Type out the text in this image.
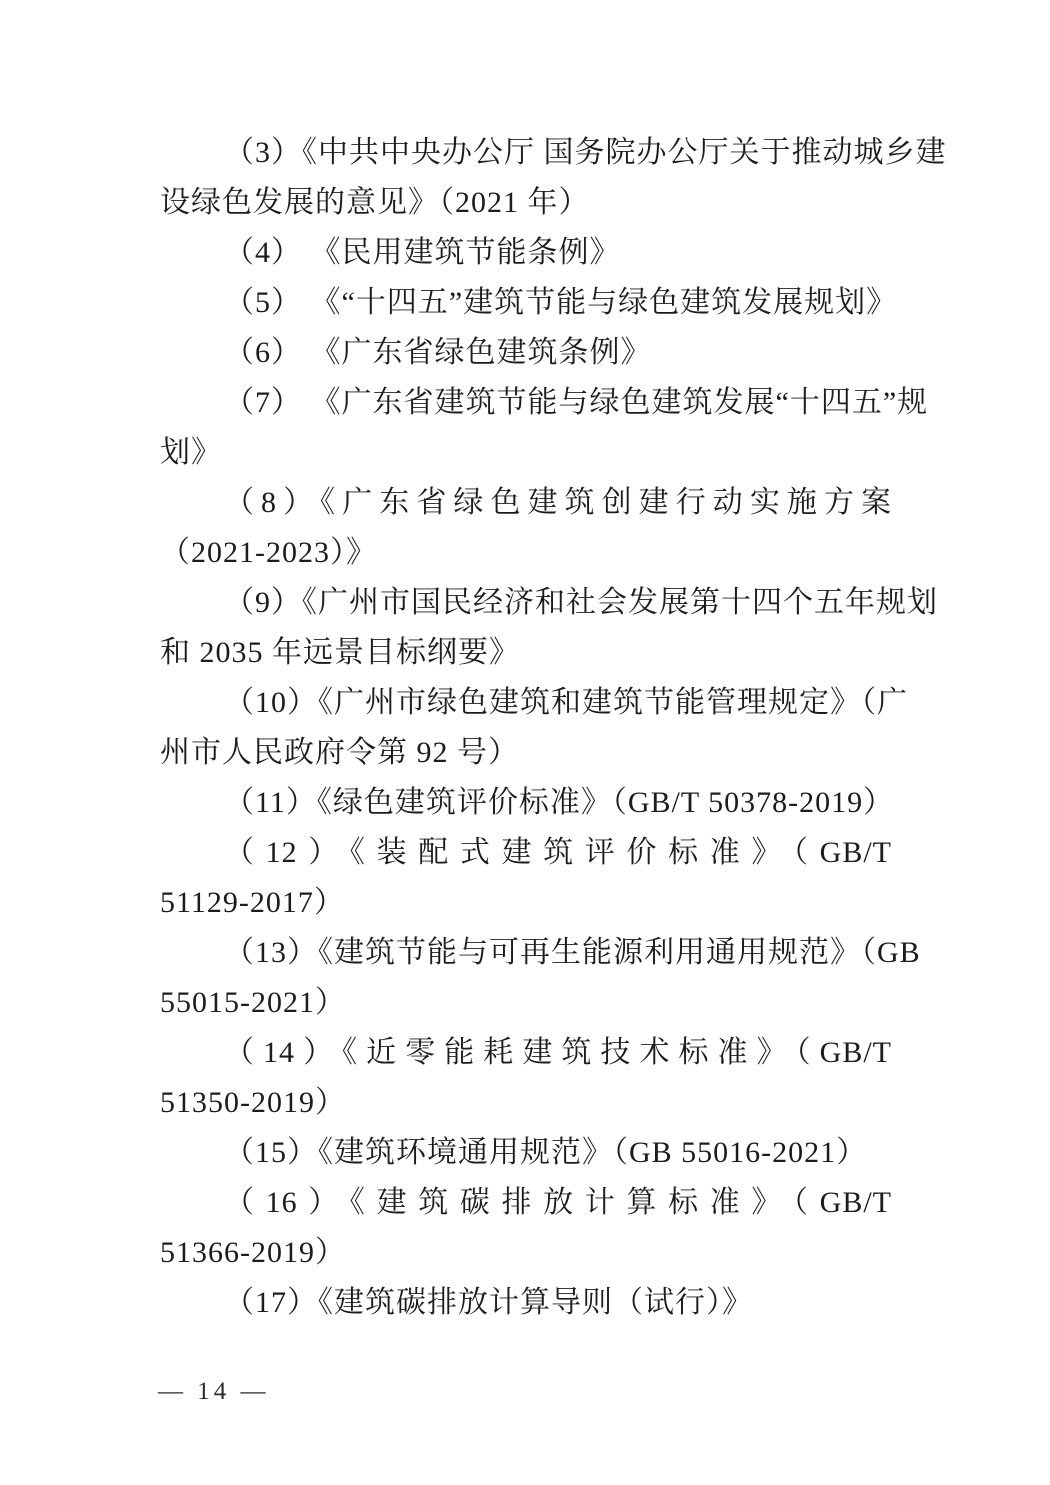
（3）《中共中央办公厅 国务院办公厅关于推动城乡建
设绿色发展的意见》（2021 年）
（4） 《民用建筑节能条例》
（5） 《“十四五”建筑节能与绿色建筑发展规划》
（6） 《广东省绿色建筑条例》
（7） 《广东省建筑节能与绿色建筑发展“十四五”规
划》
（8）《广东省绿色建筑创建行动实施方案
（2021-2023）》
（9）《广州市国民经济和社会发展第十四个五年规划
和 2035 年远景目标纲要》
（10）《广州市绿色建筑和建筑节能管理规定》（广
州市人民政府令第 92 号）
（11）《绿色建筑评价标准》（GB/T 50378-2019）
（12）《装配式建筑评价标准》（GB/T
51129-2017）
（13）《建筑节能与可再生能源利用通用规范》（GB
55015-2021）
（14）《近零能耗建筑技术标准》（GB/T
51350-2019）
（15）《建筑环境通用规范》（GB 55016-2021）
（16）《建筑碳排放计算标准》（GB/T
51366-2019）
（17）《建筑碳排放计算导则（试行）》
— 14 —
